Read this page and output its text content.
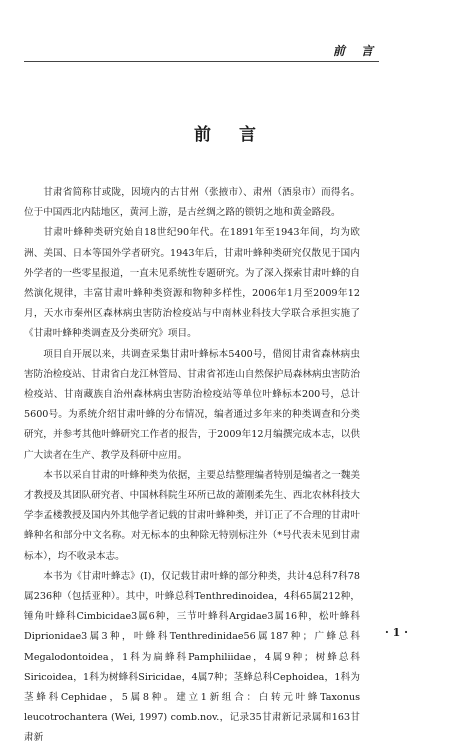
前 言
前言

甘肃省简称甘或陇，因境内的古甘州（张掖市）、肃州（酒泉市）而得名。位于中国西北内陆地区，黄河上游，是古丝绸之路的锁钥之地和黄金路段。

甘肃叶蜂种类研究始自18世纪90年代。在1891年至1943年间，均为欧洲、美国、日本等国外学者研究。1943年后，甘肃叶蜂种类研究仅散见于国内外学者的一些零星报道，一直未见系统性专题研究。为了深入探索甘肃叶蜂的自然演化规律，丰富甘肃叶蜂种类资源和物种多样性，2006年1月至2009年12月，天水市秦州区森林病虫害防治检疫站与中南林业科技大学联合承担实施了《甘肃叶蜂种类调查及分类研究》项目。

项目自开展以来，共调查采集甘肃叶蜂标本5400号，借阅甘肃省森林病虫害防治检疫站、甘肃省白龙江林管局、甘肃省祁连山自然保护局森林病虫害防治检疫站、甘南藏族自治州森林病虫害防治检疫站等单位叶蜂标本200号，总计5600号。为系统介绍甘肃叶蜂的分布情况，编者通过多年来的种类调查和分类研究，并参考其他叶蜂研究工作者的报告，于2009年12月编撰完成本志，以供广大读者在生产、教学及科研中应用。

本书以采自甘肃的叶蜂种类为依据，主要总结整理编者特别是编者之一魏美才教授及其团队研究者、中国林科院生环所已故的萧刚柔先生、西北农林科技大学李孟楼教授及国内外其他学者记载的甘肃叶蜂种类，并订正了不合理的甘肃叶蜂种名和部分中文名称。对无标本的虫种除无特别标注外（*号代表未见到甘肃标本），均不收录本志。

本书为《甘肃叶蜂志》(Ⅰ)，仅记载甘肃叶蜂的部分种类，共计4总科7科78属236种（包括亚种）。其中，叶蜂总科Tenthredinoidea，4科65属212种，锤角叶蜂科Cimbicidae3属6种，三节叶蜂科Argidae3属16种，松叶蜂科Diprionidae3属3种，叶蜂科Tenthredinidae56属187种；广蜂总科Megalodontoidea，1科为扁蜂科Pamphiliidae，4属9种；树蜂总科Siricoidea，1科为树蜂科Siricidae，4属7种；茎蜂总科Cephoidea，1科为茎蜂科Cephidae，5属8种。建立1新组合：白转元叶蜂Taxonus leucotrochantera (Wei, 1997) comb.nov.，记录35甘肃新记录属和163甘肃新

· 1 ·
